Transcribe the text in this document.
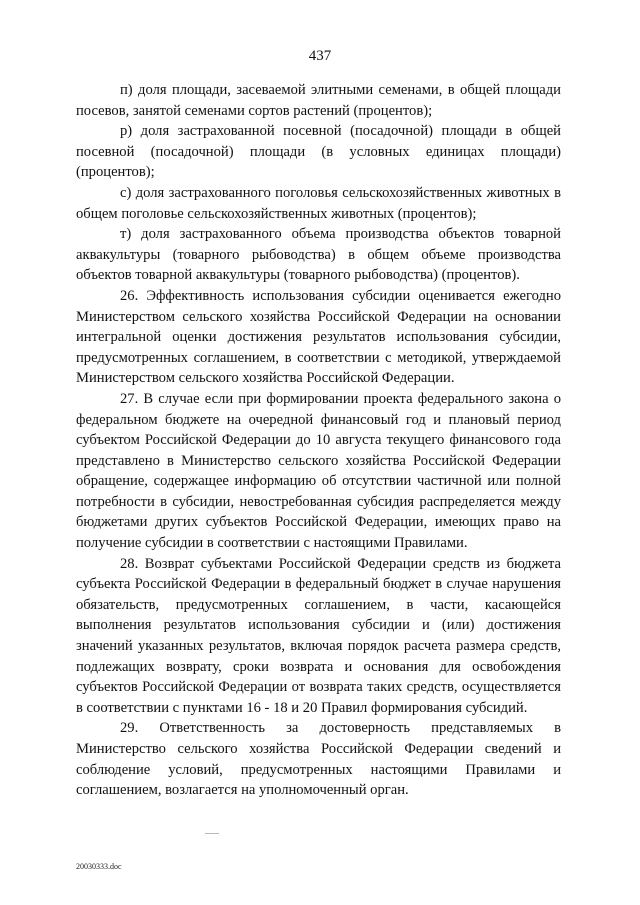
437

п) доля площади, засеваемой элитными семенами, в общей площади посевов, занятой семенами сортов растений (процентов);

р) доля застрахованной посевной (посадочной) площади в общей посевной (посадочной) площади (в условных единицах площади) (процентов);

с) доля застрахованного поголовья сельскохозяйственных животных в общем поголовье сельскохозяйственных животных (процентов);

т) доля застрахованного объема производства объектов товарной аквакультуры (товарного рыбоводства) в общем объеме производства объектов товарной аквакультуры (товарного рыбоводства) (процентов).

26. Эффективность использования субсидии оценивается ежегодно Министерством сельского хозяйства Российской Федерации на основании интегральной оценки достижения результатов использования субсидии, предусмотренных соглашением, в соответствии с методикой, утверждаемой Министерством сельского хозяйства Российской Федерации.

27. В случае если при формировании проекта федерального закона о федеральном бюджете на очередной финансовый год и плановый период субъектом Российской Федерации до 10 августа текущего финансового года представлено в Министерство сельского хозяйства Российской Федерации обращение, содержащее информацию об отсутствии частичной или полной потребности в субсидии, невостребованная субсидия распределяется между бюджетами других субъектов Российской Федерации, имеющих право на получение субсидии в соответствии с настоящими Правилами.

28. Возврат субъектами Российской Федерации средств из бюджета субъекта Российской Федерации в федеральный бюджет в случае нарушения обязательств, предусмотренных соглашением, в части, касающейся выполнения результатов использования субсидии и (или) достижения значений указанных результатов, включая порядок расчета размера средств, подлежащих возврату, сроки возврата и основания для освобождения субъектов Российской Федерации от возврата таких средств, осуществляется в соответствии с пунктами 16 - 18 и 20 Правил формирования субсидий.

29. Ответственность за достоверность представляемых в Министерство сельского хозяйства Российской Федерации сведений и соблюдение условий, предусмотренных настоящими Правилами и соглашением, возлагается на уполномоченный орган.

20030333.doc
